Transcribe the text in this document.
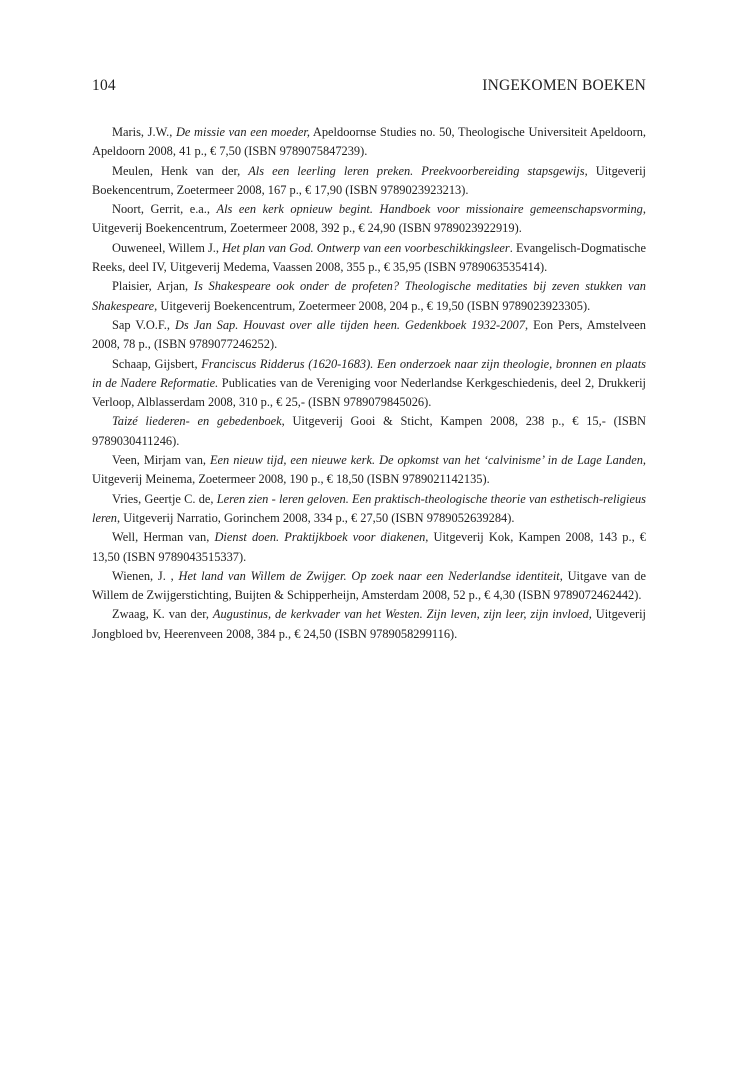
104	INGEKOMEN BOEKEN

Maris, J.W., De missie van een moeder, Apeldoornse Studies no. 50, Theologische Universiteit Apeldoorn, Apeldoorn 2008, 41 p., € 7,50 (ISBN 9789075847239).

Meulen, Henk van der, Als een leerling leren preken. Preekvoorbereiding stapsgewijs, Uitgeverij Boekencentrum, Zoetermeer 2008, 167 p., € 17,90 (ISBN 9789023923213).

Noort, Gerrit, e.a., Als een kerk opnieuw begint. Handboek voor missionaire gemeenschapsvorming, Uitgeverij Boekencentrum, Zoetermeer 2008, 392 p., € 24,90 (ISBN 9789023922919).

Ouweneel, Willem J., Het plan van God. Ontwerp van een voorbeschikkingsleer. Evangelisch-Dogmatische Reeks, deel IV, Uitgeverij Medema, Vaassen 2008, 355 p., € 35,95 (ISBN 9789063535414).

Plaisier, Arjan, Is Shakespeare ook onder de profeten? Theologische meditaties bij zeven stukken van Shakespeare, Uitgeverij Boekencentrum, Zoetermeer 2008, 204 p., € 19,50 (ISBN 9789023923305).

Sap V.O.F., Ds Jan Sap. Houvast over alle tijden heen. Gedenkboek 1932-2007, Eon Pers, Amstelveen 2008, 78 p., (ISBN 9789077246252).

Schaap, Gijsbert, Franciscus Ridderus (1620-1683). Een onderzoek naar zijn theologie, bronnen en plaats in de Nadere Reformatie. Publicaties van de Vereniging voor Nederlandse Kerkgeschiedenis, deel 2, Drukkerij Verloop, Alblasserdam 2008, 310 p., € 25,- (ISBN 9789079845026).

Taizé liederen- en gebedenboek, Uitgeverij Gooi & Sticht, Kampen 2008, 238 p., € 15,- (ISBN 9789030411246).

Veen, Mirjam van, Een nieuw tijd, een nieuwe kerk. De opkomst van het ‘calvinisme’ in de Lage Landen, Uitgeverij Meinema, Zoetermeer 2008, 190 p., € 18,50 (ISBN 9789021142135).

Vries, Geertje C. de, Leren zien - leren geloven. Een praktisch-theologische theorie van esthetisch-religieus leren, Uitgeverij Narratio, Gorinchem 2008, 334 p., € 27,50 (ISBN 9789052639284).

Well, Herman van, Dienst doen. Praktijkboek voor diakenen, Uitgeverij Kok, Kampen 2008, 143 p., € 13,50 (ISBN 9789043515337).

Wienen, J. , Het land van Willem de Zwijger. Op zoek naar een Nederlandse identiteit, Uitgave van de Willem de Zwijgerstichting, Buijten & Schipperheijn, Amsterdam 2008, 52 p., € 4,30 (ISBN 9789072462442).

Zwaag, K. van der, Augustinus, de kerkvader van het Westen. Zijn leven, zijn leer, zijn invloed, Uitgeverij Jongbloed bv, Heerenveen 2008, 384 p., € 24,50 (ISBN 9789058299116).
